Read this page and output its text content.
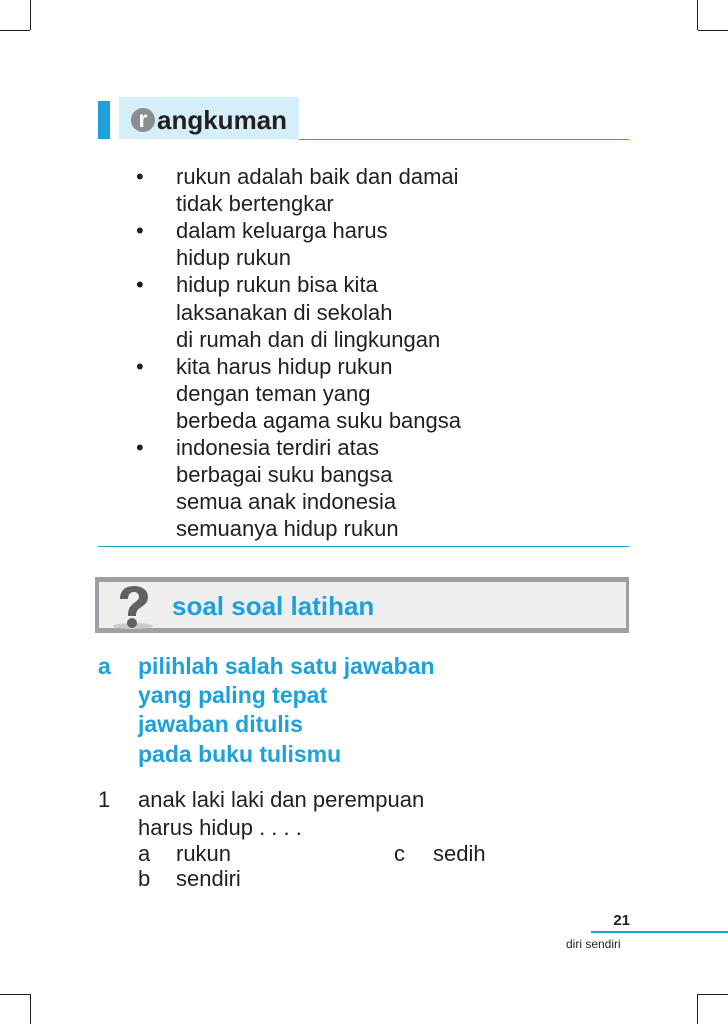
r angkuman
• rukun adalah baik dan damai
tidak bertengkar
• dalam keluarga harus
hidup rukun
• hidup rukun bisa kita
laksanakan di sekolah
di rumah dan di lingkungan
• kita harus hidup rukun
dengan teman yang
berbeda agama suku bangsa
• indonesia terdiri atas
berbagai suku bangsa
semua anak indonesia
semuanya hidup rukun
soal soal latihan
a pilihlah salah satu jawaban
yang paling tepat
jawaban ditulis
pada buku tulismu
1 anak laki laki dan perempuan
harus hidup . . . .
a rukun	c sedih
b sendiri
21
diri sendiri
